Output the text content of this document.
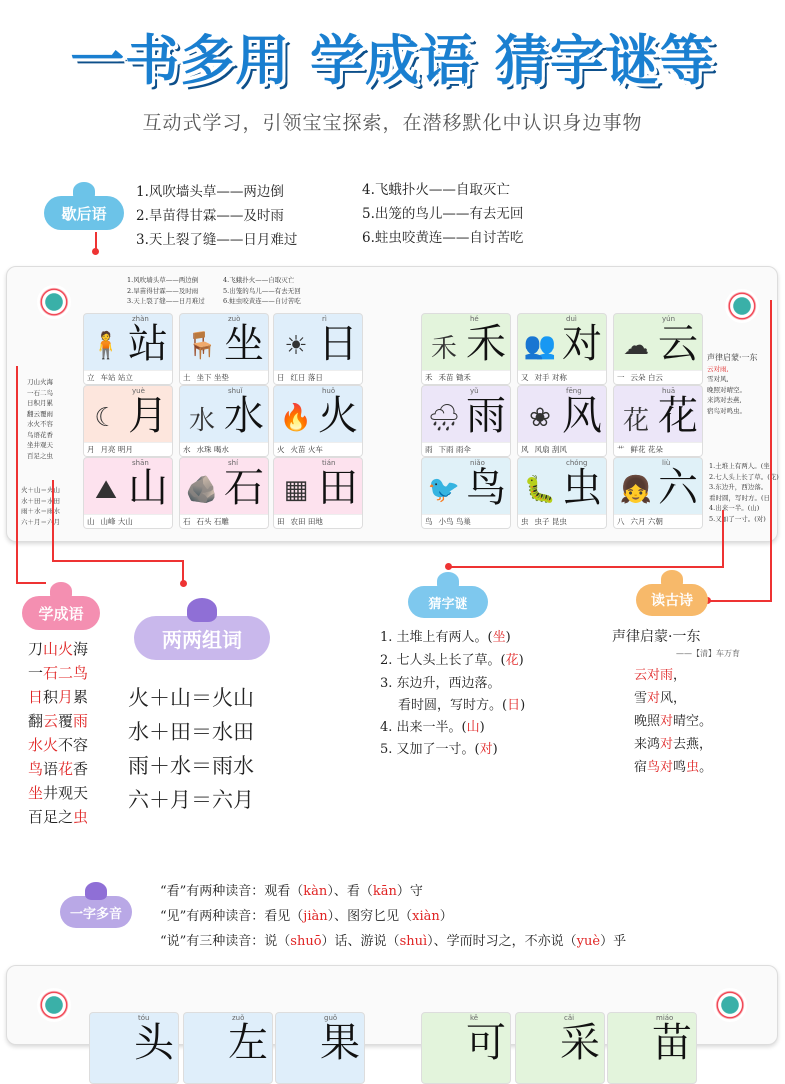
一书多用 学成语 猜字谜等
互动式学习，引领宝宝探索，在潜移默化中认识身边事物
歇后语
1.风吹墙头草——两边倒
2.旱苗得甘霖——及时雨
3.天上裂了缝——日月难过
4.飞蛾扑火——自取灭亡
5.出笼的鸟儿——有去无回
6.蛀虫咬黄连——自讨苦吃
1.风吹墙头草——两边倒
2.旱苗得甘霖——及时雨
3.天上裂了缝——日月难过
4.飞蛾扑火——自取灭亡
5.出笼的鸟儿——有去无回
6.蛀虫咬黄连——自讨苦吃
刀山火海
一石二鸟
日积月累
翻云覆雨
水火不容
鸟语花香
坐井观天
百足之虫
火＋山＝火山
水＋田＝水田
雨＋水＝雨水
六＋月＝六月
声律启蒙·一东
云对雨,
雪对风,
晚照对晴空。
来鸿对去燕,
宿鸟对鸣虫。
1.土堆上有两人。(坐)
2.七人头上长了草。(花)
3.东边升，西边落。
看时圆，写时方。(日)
4.出来一半。(山)
5.又加了一寸。(对)
zhàn
🧍 站
立 车站 站立
zuò
🪑 坐
土 坐下 坐垫
rì
☀ 日
日 红日 落日
yuè
☾ 月
月 月亮 明月
shuǐ
水 水
水 水珠 喝水
huǒ
🔥 火
火 火苗 火车
shān
⛰ 山
山 山峰 大山
shí
🪨 石
石 石头 石雕
tián
▦ 田
田 农田 田地
hé
禾 禾
禾 禾苗 锄禾
duì
👥 对
又 对手 对称
yún
☁ 云
一 云朵 白云
yǔ
🌧 雨
雨 下雨 雨伞
fēng
❀ 风
风 风扇 刮风
huā
花 花
艹 鲜花 花朵
niǎo
🐦 鸟
鸟 小鸟 鸟巢
chóng
🐛 虫
虫 虫子 昆虫
liù
👧 六
八 六月 六朝
学成语
刀山火海
一石二鸟
日积月累
翻云覆雨
水火不容
鸟语花香
坐井观天
百足之虫
两两组词
火＋山＝火山
水＋田＝水田
雨＋水＝雨水
六＋月＝六月
猜字谜
1. 土堆上有两人。(坐)
2. 七人头上长了草。(花)
3. 东边升，西边落。
看时圆，写时方。(日)
4. 出来一半。(山)
5. 又加了一寸。(对)
读古诗
声律启蒙·一东
——【清】车万育
云对雨，
雪对风，
晚照对晴空。
来鸿对去燕，
宿鸟对鸣虫。
一字多音
“看”有两种读音：观看（kàn）、看（kān）守
“见”有两种读音：看见（jiàn）、图穷匕见（xiàn）
“说”有三种读音：说（shuō）话、游说（shuì）、学而时习之，不亦说（yuè）乎
tóu
头
zuǒ
左
guǒ
果
kě
可
cǎi
采
miáo
苗
